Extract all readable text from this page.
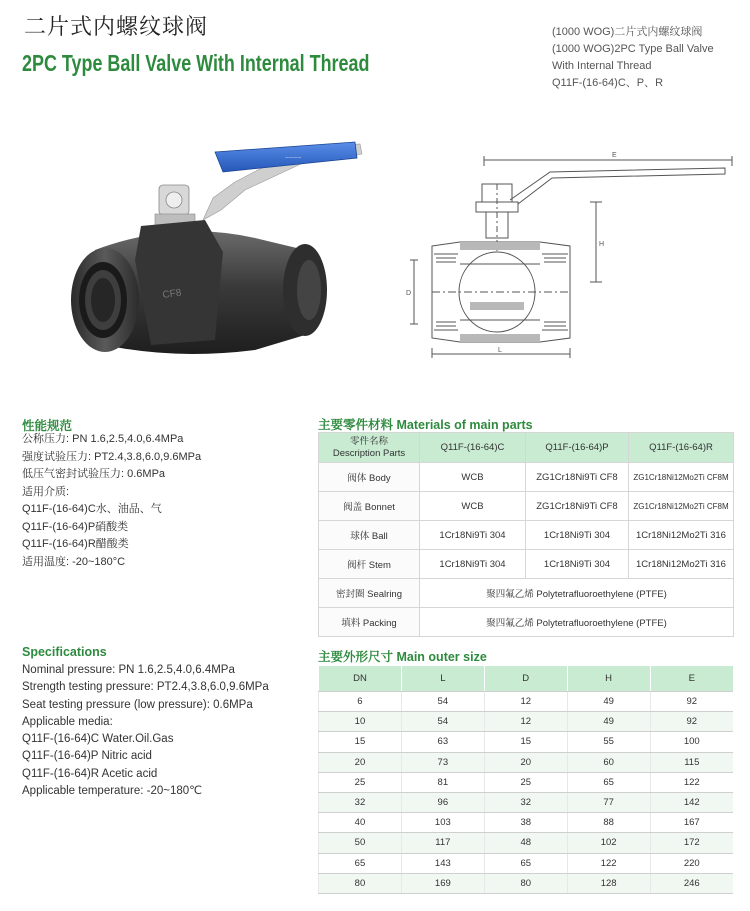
二片式内螺纹球阀
2PC Type Ball Valve With Internal Thread
(1000 WOG)二片式内螺纹球阀
(1000 WOG)2PC Type Ball Valve
With Internal Thread
Q11F-(16-64)C、P、R
~~~~
CF8
E
H
D
L
性能规范
公称压力: PN 1.6,2.5,4.0,6.4MPa
强度试验压力: PT2.4,3.8,6.0,9.6MPa
低压气密封试验压力: 0.6MPa
适用介质:
Q11F-(16-64)C水、油品、气
Q11F-(16-64)P硝酸类
Q11F-(16-64)R醋酸类
适用温度: -20~180°C
Specifications
Nominal pressure: PN 1.6,2.5,4.0,6.4MPa
Strength testing pressure: PT2.4,3.8,6.0,9.6MPa
Seat testing pressure (low pressure): 0.6MPa
Applicable media:
Q11F-(16-64)C Water.Oil.Gas
Q11F-(16-64)P Nitric acid
Q11F-(16-64)R Acetic acid
Applicable temperature: -20~180℃
主要零件材料 Materials of main parts
零件名称
Description Parts	Q11F-(16-64)C	Q11F-(16-64)P	Q11F-(16-64)R
阀体 Body	WCB	ZG1Cr18Ni9Ti CF8	ZG1Cr18Ni12Mo2Ti CF8M
阀盖 Bonnet	WCB	ZG1Cr18Ni9Ti CF8	ZG1Cr18Ni12Mo2Ti CF8M
球体 Ball	1Cr18Ni9Ti 304	1Cr18Ni9Ti 304	1Cr18Ni12Mo2Ti 316
阀杆 Stem	1Cr18Ni9Ti 304	1Cr18Ni9Ti 304	1Cr18Ni12Mo2Ti 316
密封圈 Sealring	聚四氟乙烯 Polytetrafluoroethylene (PTFE)		
填料 Packing	聚四氟乙烯 Polytetrafluoroethylene (PTFE)		
主要外形尺寸 Main outer size
DN	L	D	H	E
6	54	12	49	92
10	54	12	49	92
15	63	15	55	100
20	73	20	60	115
25	81	25	65	122
32	96	32	77	142
40	103	38	88	167
50	117	48	102	172
65	143	65	122	220
80	169	80	128	246
